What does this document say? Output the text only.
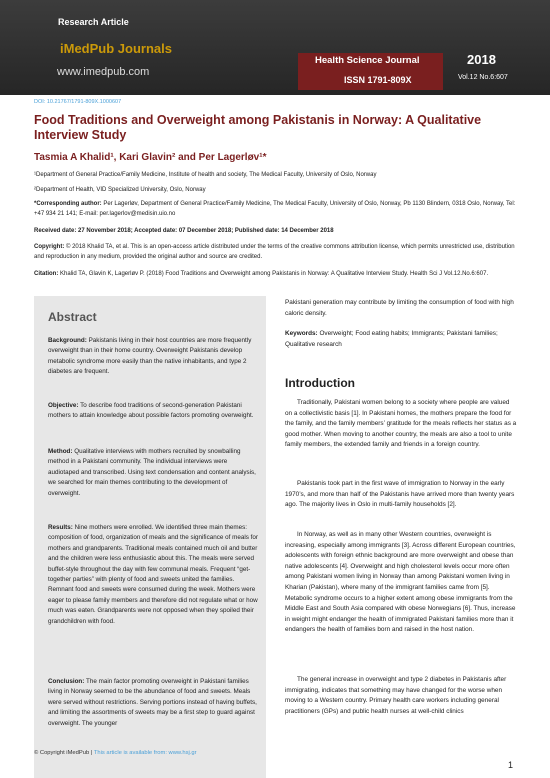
Research Article
iMedPub Journals
www.imedpub.com
Health Science Journal
ISSN 1791-809X
2018
Vol.12 No.6:607
DOI: 10.21767/1791-809X.1000607
Food Traditions and Overweight among Pakistanis in Norway: A Qualitative Interview Study
Tasmia A Khalid¹, Kari Glavin² and Per Lagerløv¹*
¹Department of General Practice/Family Medicine, Institute of health and society, The Medical Faculty, University of Oslo, Norway
²Department of Health, VID Specialized University, Oslo, Norway
*Corresponding author: Per Lagerløv, Department of General Practice/Family Medicine, The Medical Faculty, University of Oslo, Norway, Pb 1130 Blindern, 0318 Oslo, Norway, Tel: +47 934 21 141; E-mail: per.lagerlov@medisin.uio.no
Received date: 27 November 2018; Accepted date: 07 December 2018; Published date: 14 December 2018
Copyright: © 2018 Khalid TA, et al. This is an open-access article distributed under the terms of the creative commons attribution license, which permits unrestricted use, distribution and reproduction in any medium, provided the original author and source are credited.
Citation: Khalid TA, Glavin K, Lagerløv P. (2018) Food Traditions and Overweight among Pakistanis in Norway: A Qualitative Interview Study. Health Sci J Vol.12.No.6:607.
Abstract
Background: Pakistanis living in their host countries are more frequently overweight than in their home country. Overweight Pakistanis develop metabolic syndrome more easily than the native inhabitants, and type 2 diabetes are frequent.
Objective: To describe food traditions of second-generation Pakistani mothers to attain knowledge about possible factors promoting overweight.
Method: Qualitative interviews with mothers recruited by snowballing method in a Pakistani community. The individual interviews were audiotaped and transcribed. Using text condensation and content analysis, we searched for main themes contributing to the development of overweight.
Results: Nine mothers were enrolled. We identified three main themes: composition of food, organization of meals and the significance of meals for mothers and grandparents. Traditional meals contained much oil and butter and the children were less enthusiastic about this. The meals were served buffet-style throughout the day with few communal meals. Frequent “get-together parties” with plenty of food and sweets united the families. Remnant food and sweets were consumed during the week. Mothers were eager to please family members and therefore did not regulate what or how much was eaten. Grandparents were not opposed when they spoiled their grandchildren with food.
Conclusion: The main factor promoting overweight in Pakistani families living in Norway seemed to be the abundance of food and sweets. Meals were served without restrictions. Serving portions instead of having buffets, and limiting the assortments of sweets may be a first step to guard against overweight. The younger
Pakistani generation may contribute by limiting the consumption of food with high caloric density.
Keywords: Overweight; Food eating habits; Immigrants; Pakistani families; Qualitative research
Introduction
Traditionally, Pakistani women belong to a society where people are valued on a collectivistic basis [1]. In Pakistani homes, the mothers prepare the food for the family, and the family members’ gratitude for the meals reflects her status as a good mother. When moving to another country, the meals are also a tool to unite family members, the extended family and friends in a foreign country.
Pakistanis took part in the first wave of immigration to Norway in the early 1970’s, and more than half of the Pakistanis have arrived more than twenty years ago. The majority lives in Oslo in multi-family households [2].
In Norway, as well as in many other Western countries, overweight is increasing, especially among immigrants [3]. Across different European countries, adolescents with foreign ethnic background are more overweight and obese than native adolescents [4]. Overweight and high cholesterol levels occur more often among Pakistani women living in Norway than among Pakistani women living in Kharian (Pakistan), where many of the immigrant families came from [5]. Metabolic syndrome occurs to a higher extent among obese immigrants from the Middle East and South Asia compared with obese Norwegians [6]. Thus, increase in weight might endanger the health of immigrated Pakistani families more than it endangers the health of families born and raised in the host nation.
The general increase in overweight and type 2 diabetes in Pakistanis after immigrating, indicates that something may have changed for the worse when moving to a Western country. Primary health care workers including general practitioners (GPs) and public health nurses at well-child clinics
© Copyright iMedPub | This article is available from: www.hsj.gr
1
